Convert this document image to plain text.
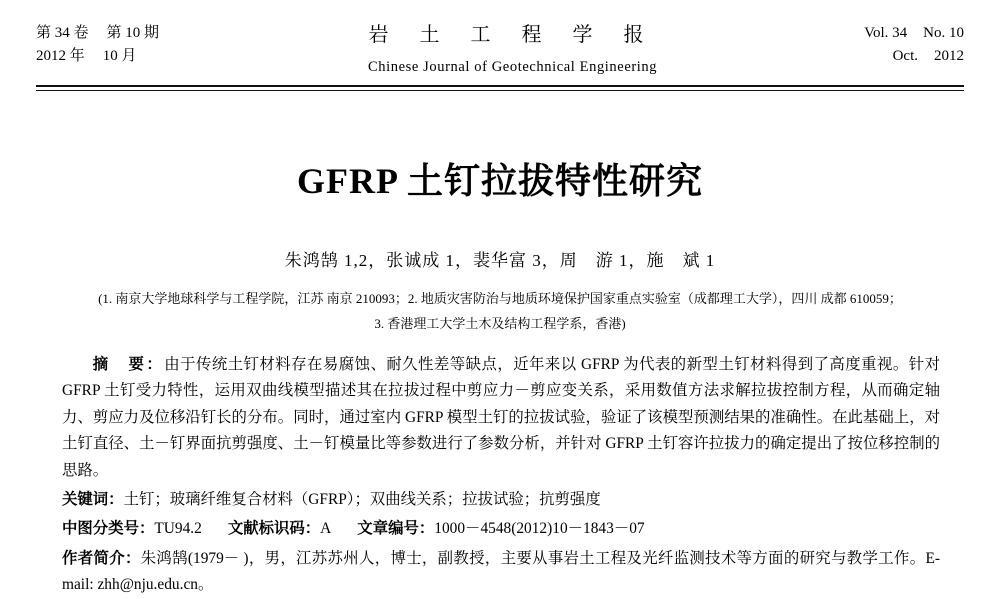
第 34 卷 第 10 期
2012 年 10 月
岩 土 工 程 学 报
Chinese Journal of Geotechnical Engineering
Vol. 34 No. 10
Oct. 2012
GFRP 土钉拉拔特性研究
朱鸿鹄 1,2，张诚成 1，裴华富 3，周　游 1，施　斌 1
(1. 南京大学地球科学与工程学院，江苏 南京 210093；2. 地质灾害防治与地质环境保护国家重点实验室（成都理工大学），四川 成都 610059；
3. 香港理工大学土木及结构工程学系，香港)

摘　要：由于传统土钉材料存在易腐蚀、耐久性差等缺点，近年来以 GFRP 为代表的新型土钉材料得到了高度重视。针对 GFRP 土钉受力特性，运用双曲线模型描述其在拉拔过程中剪应力－剪应变关系，采用数值方法求解拉拔控制方程，从而确定轴力、剪应力及位移沿钉长的分布。同时，通过室内 GFRP 模型土钉的拉拔试验，验证了该模型预测结果的准确性。在此基础上，对土钉直径、土－钉界面抗剪强度、土－钉模量比等参数进行了参数分析，并针对 GFRP 土钉容许拉拔力的确定提出了按位移控制的思路。

关键词：土钉；玻璃纤维复合材料（GFRP）；双曲线关系；拉拔试验；抗剪强度
中图分类号：TU94.2 文献标识码：A 文章编号：1000－4548(2012)10－1843－07
作者简介：朱鸿鹄(1979－ )，男，江苏苏州人，博士，副教授，主要从事岩土工程及光纤监测技术等方面的研究与教学工作。E-mail: zhh@nju.edu.cn。
